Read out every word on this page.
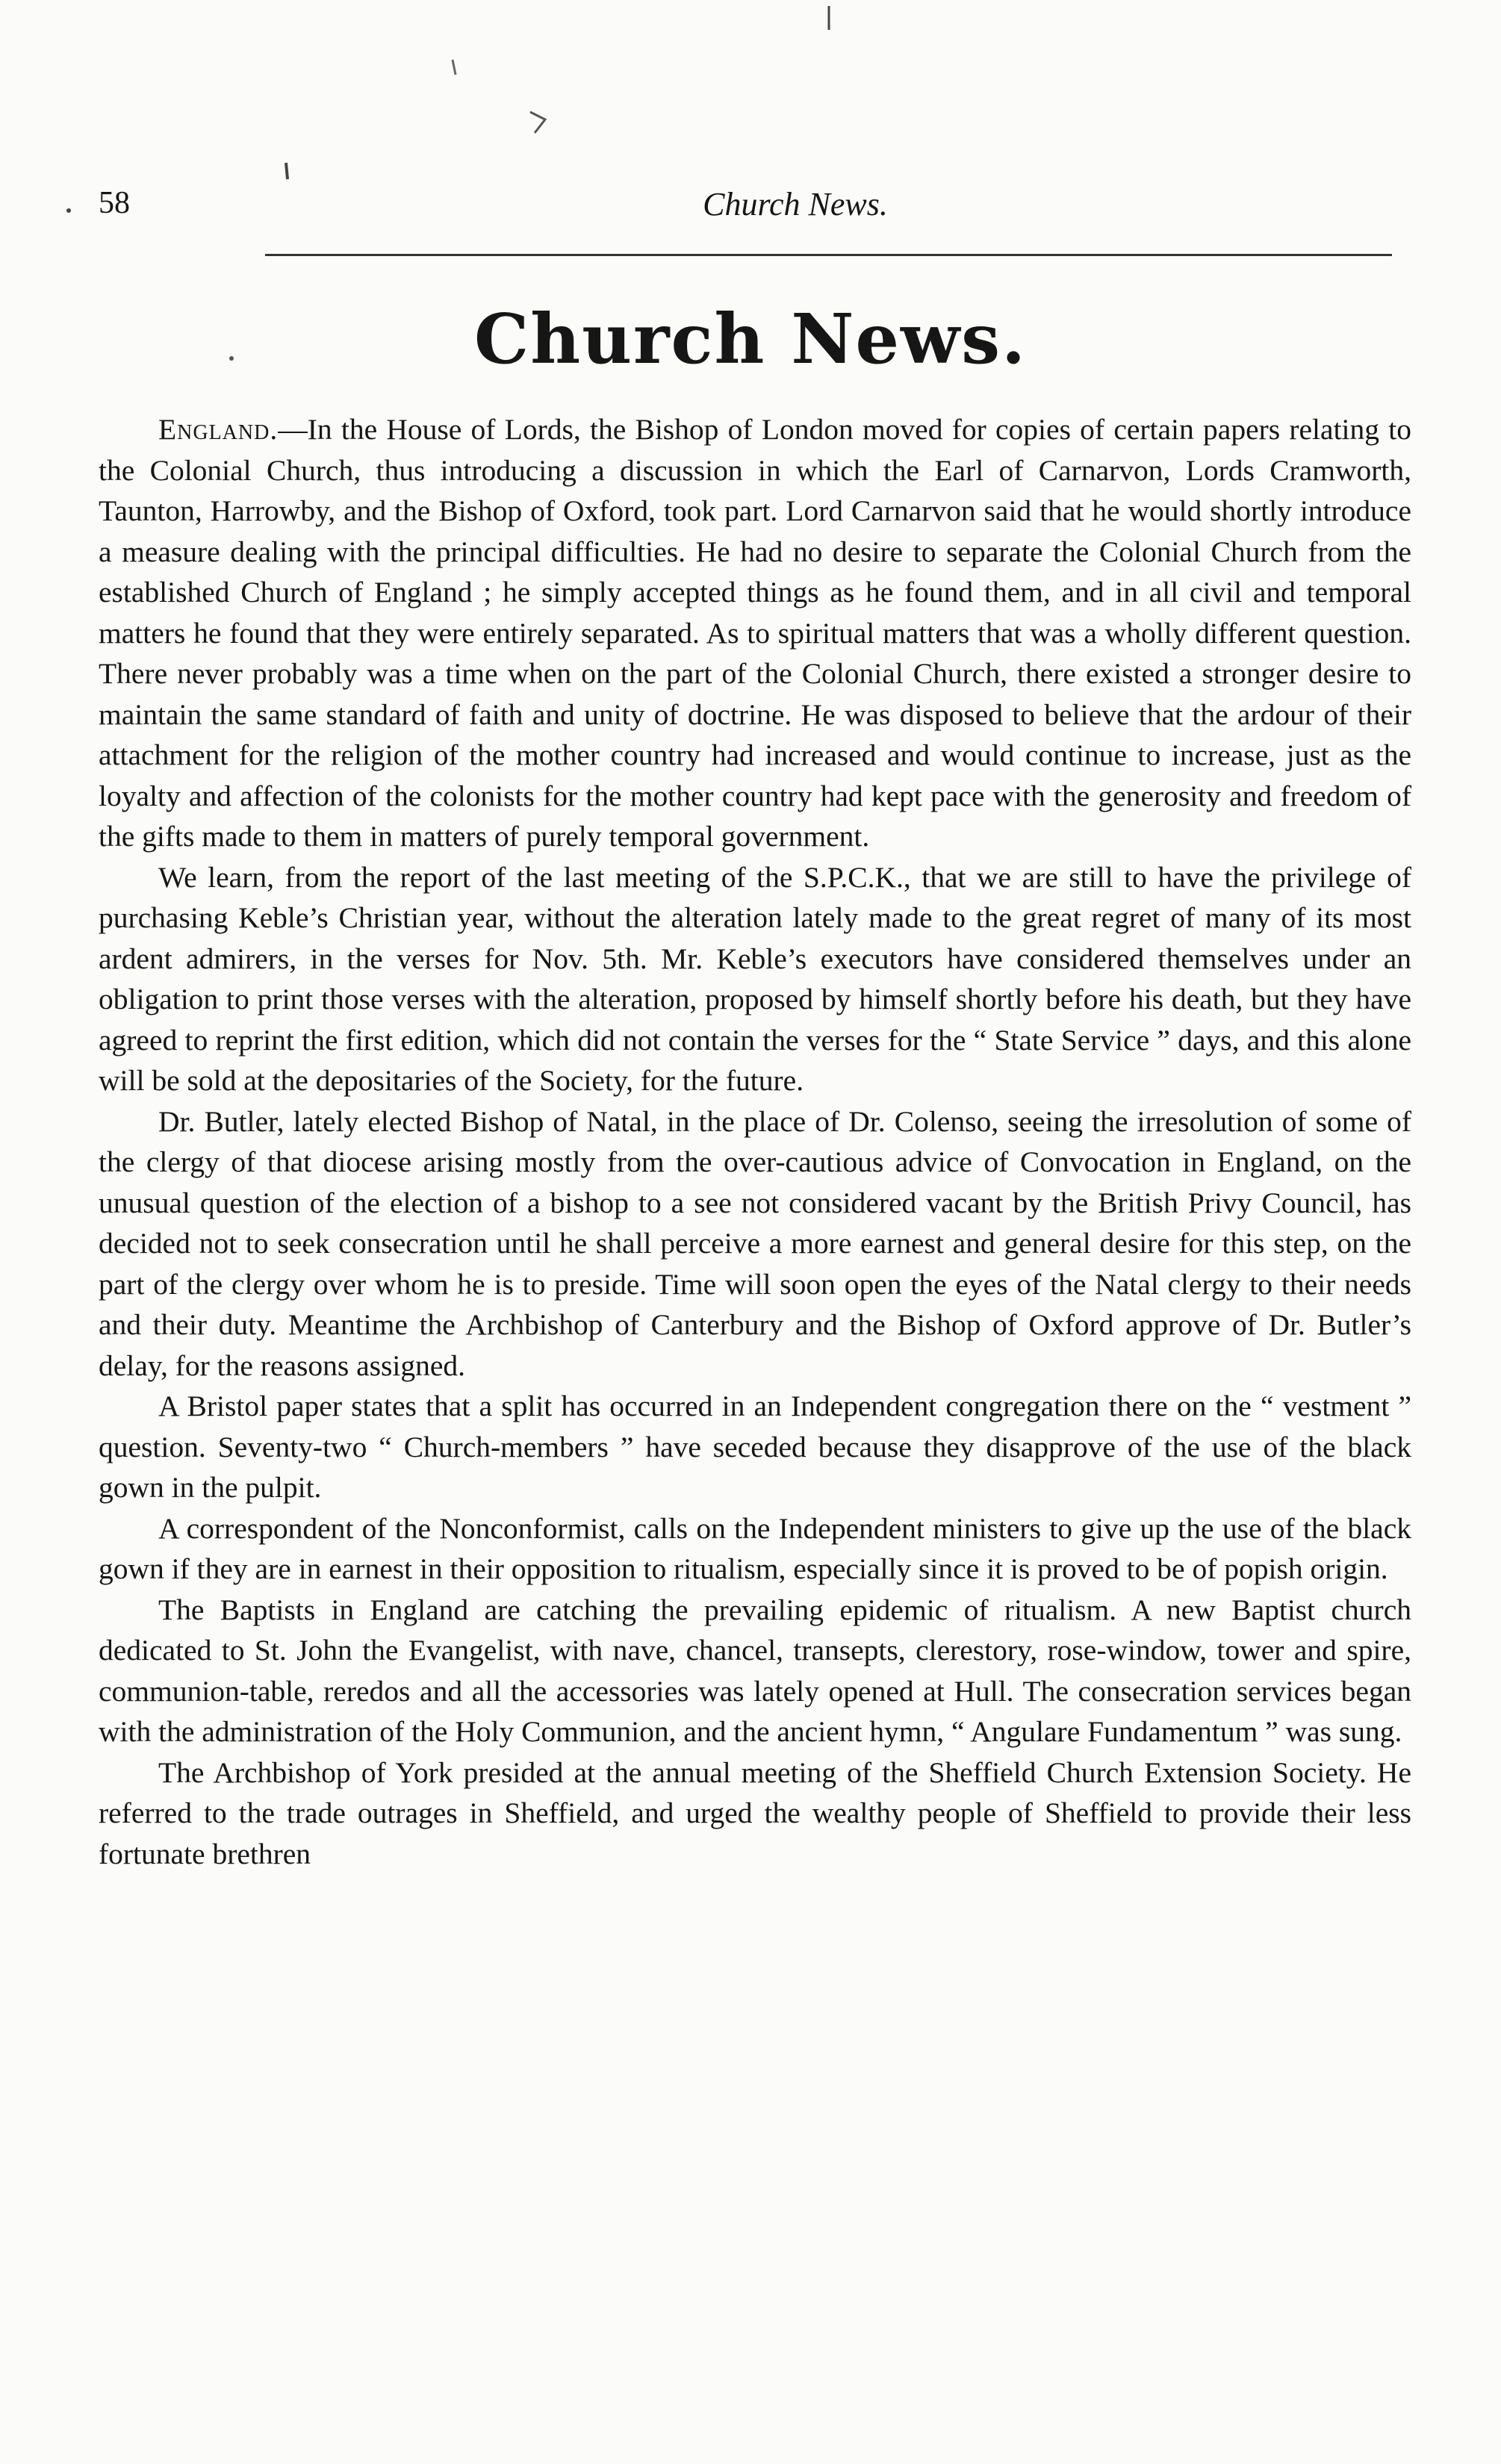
58	Church News.
Church News.

England.—In the House of Lords, the Bishop of London moved for copies of certain papers relating to the Colonial Church, thus introducing a discussion in which the Earl of Carnarvon, Lords Cramworth, Taunton, Harrowby, and the Bishop of Oxford, took part. Lord Carnarvon said that he would shortly introduce a measure dealing with the principal difficulties. He had no desire to separate the Colonial Church from the established Church of England ; he simply accepted things as he found them, and in all civil and temporal matters he found that they were entirely separated. As to spiritual matters that was a wholly different question. There never probably was a time when on the part of the Colonial Church, there existed a stronger desire to maintain the same standard of faith and unity of doctrine. He was disposed to believe that the ardour of their attachment for the religion of the mother country had increased and would continue to increase, just as the loyalty and affection of the colonists for the mother country had kept pace with the generosity and freedom of the gifts made to them in matters of purely temporal government.

We learn, from the report of the last meeting of the S.P.C.K., that we are still to have the privilege of purchasing Keble’s Christian year, without the alteration lately made to the great regret of many of its most ardent admirers, in the verses for Nov. 5th. Mr. Keble’s executors have considered themselves under an obligation to print those verses with the alteration, proposed by himself shortly before his death, but they have agreed to reprint the first edition, which did not contain the verses for the “ State Service ” days, and this alone will be sold at the depositaries of the Society, for the future.

Dr. Butler, lately elected Bishop of Natal, in the place of Dr. Colenso, seeing the irresolution of some of the clergy of that diocese arising mostly from the over-cautious advice of Convocation in England, on the unusual question of the election of a bishop to a see not considered vacant by the British Privy Council, has decided not to seek consecration until he shall perceive a more earnest and general desire for this step, on the part of the clergy over whom he is to preside. Time will soon open the eyes of the Natal clergy to their needs and their duty. Meantime the Archbishop of Canterbury and the Bishop of Oxford approve of Dr. Butler’s delay, for the reasons assigned.

A Bristol paper states that a split has occurred in an Independent congregation there on the “ vestment ” question. Seventy-two “ Church-members ” have seceded because they disapprove of the use of the black gown in the pulpit.

A correspondent of the Nonconformist, calls on the Independent ministers to give up the use of the black gown if they are in earnest in their opposition to ritualism, especially since it is proved to be of popish origin.

The Baptists in England are catching the prevailing epidemic of ritualism. A new Baptist church dedicated to St. John the Evangelist, with nave, chancel, transepts, clerestory, rose-window, tower and spire, communion-table, reredos and all the accessories was lately opened at Hull. The consecration services began with the administration of the Holy Communion, and the ancient hymn, “ Angulare Fundamentum ” was sung.

The Archbishop of York presided at the annual meeting of the Sheffield Church Extension Society. He referred to the trade outrages in Sheffield, and urged the wealthy people of Sheffield to provide their less fortunate brethren
